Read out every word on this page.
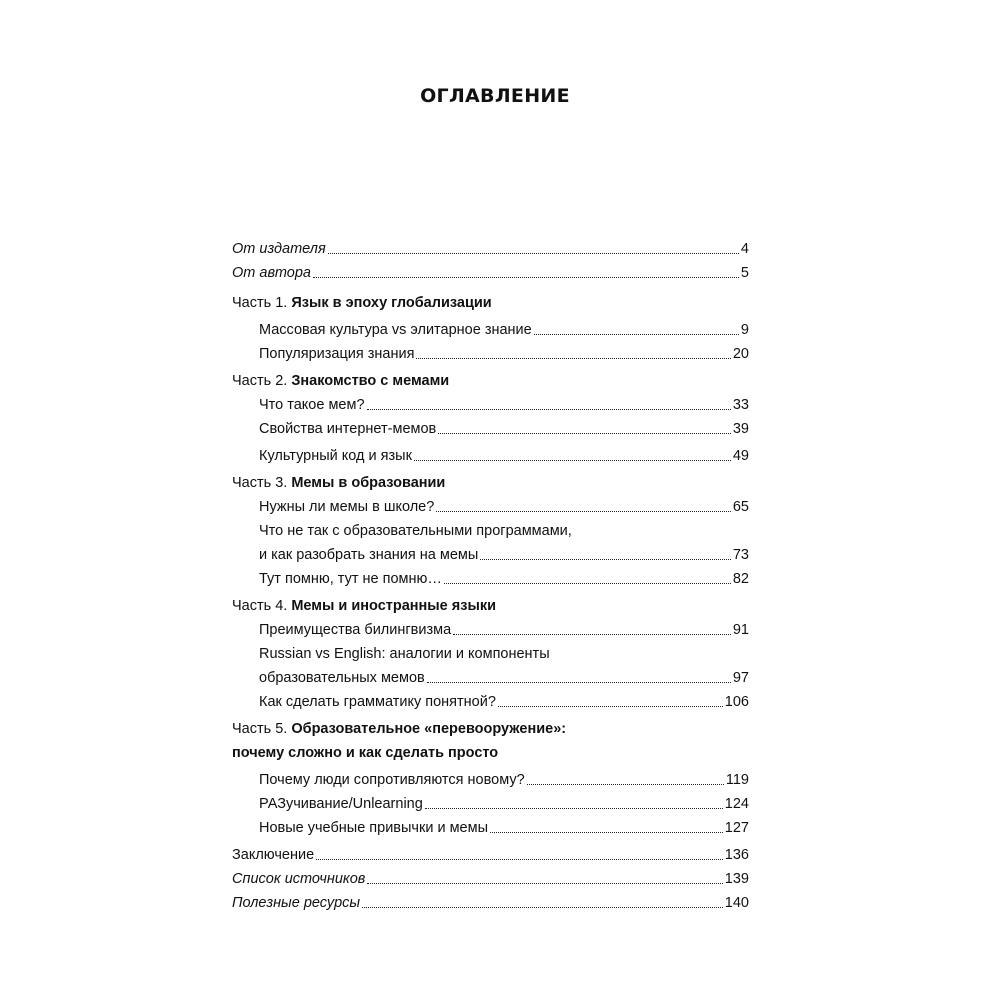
ОГЛАВЛЕНИЕ
От издателя	4
От автора	5
Часть 1. Язык в эпоху глобализации
Массовая культура vs элитарное знание	9
Популяризация знания	20
Часть 2. Знакомство с мемами
Что такое мем?	33
Свойства интернет-мемов	39
Культурный код и язык	49
Часть 3. Мемы в образовании
Нужны ли мемы в школе?	65
Что не так с образовательными программами,
и как разобрать знания на мемы	73
Тут помню, тут не помню…	82
Часть 4. Мемы и иностранные языки
Преимущества билингвизма	91
Russian vs English: аналогии и компоненты
образовательных мемов	97
Как сделать грамматику понятной?	106
Часть 5. Образовательное «перевооружение»:
почему сложно и как сделать просто
Почему люди сопротивляются новому?	119
РАЗучивание/Unlearning	124
Новые учебные привычки и мемы	127
Заключение	136
Список источников	139
Полезные ресурсы	140
